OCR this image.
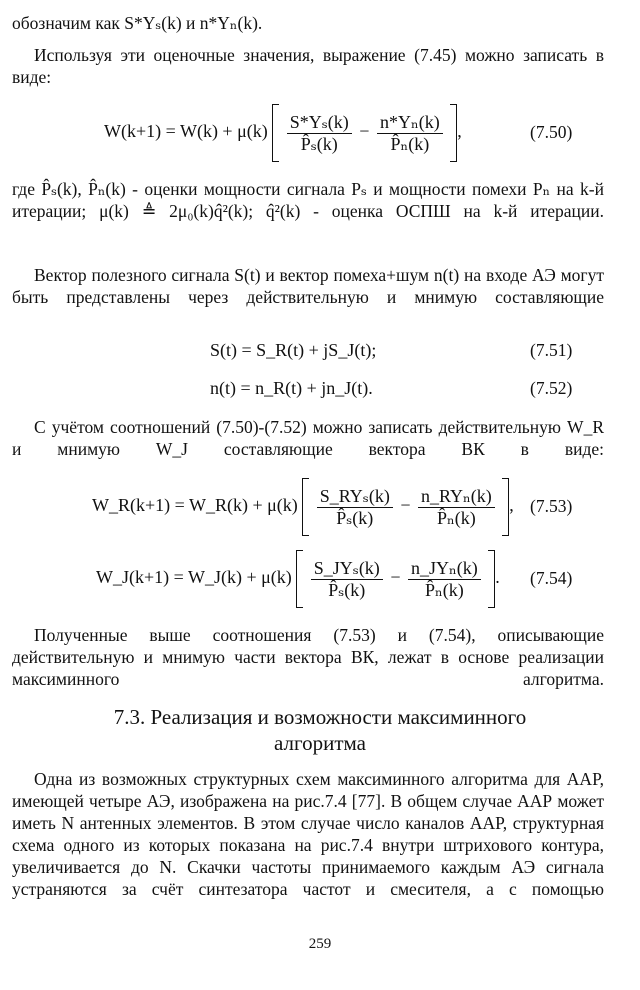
обозначим как S*Yₛ(k) и n*Yₙ(k).

Используя эти оценочные значения, выражение (7.45) можно записать в виде:

$W(k+1) = W(k) + \mu(k) \frac{\text{S*Yₛ(k)}}{\text{P̂ₛ(k)}} - \frac{\text{n*Yₙ(k)}}{\text{P̂ₙ(k)}}$ ,	(7.50)

где P̂ₛ(k), P̂ₙ(k) - оценки мощности сигнала Pₛ и мощности помехи Pₙ на k-й итерации; μ(k) ≜ 2μ₀(k)q̂²(k); q̂²(k) - оценка ОСПШ на k-й итерации.

Вектор полезного сигнала S(t) и вектор помеха+шум n(t) на входе АЭ могут быть представлены через действительную и мнимую составляющие

S(t) = S_R(t) + jS_J(t);	(7.51)
n(t) = n_R(t) + jn_J(t).	(7.52)

С учётом соотношений (7.50)-(7.52) можно записать действительную W_R и мнимую W_J составляющие вектора ВК в виде:

W_R(k+1) = W_R(k) + $\mu(k) \frac{\text{S\_RYₛ(k)}}{\text{P̂ₛ(k)}} - \frac{\text{n\_RYₙ(k)}}{\text{P̂ₙ(k)}}$ , (7.53)
W_J(k+1) = W_J(k) + $\mu(k) \frac{\text{S\_JYₛ(k)}}{\text{P̂ₛ(k)}} - \frac{\text{n\_JYₙ(k)}}{\text{P̂ₙ(k)}}$ . (7.54)

Полученные выше соотношения (7.53) и (7.54), описывающие действительную и мнимую части вектора ВК, лежат в основе реализации максиминного алгоритма.

7.3. Реализация и возможности максиминного
алгоритма

Одна из возможных структурных схем максиминного алгоритма для ААР, имеющей четыре АЭ, изображена на рис.7.4 [77]. В общем случае ААР может иметь N антенных элементов. В этом случае число каналов ААР, структурная схема одного из которых показана на рис.7.4 внутри штрихового контура, увеличивается до N. Скачки частоты принимаемого каждым АЭ сигнала устраняются за счёт синтезатора частот и смесителя, а с помощью

259
